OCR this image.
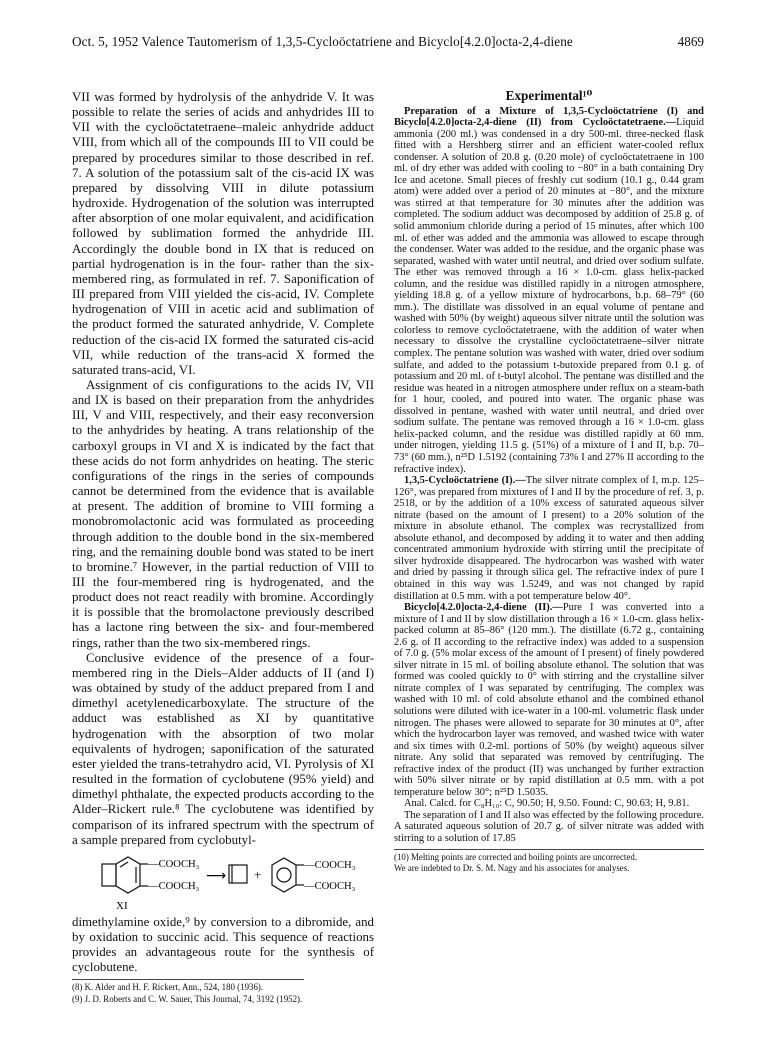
Oct. 5, 1952 Valence Tautomerism of 1,3,5-Cycloöctatriene and Bicyclo[4.2.0]octa-2,4-diene	4869

VII was formed by hydrolysis of the anhydride V. It was possible to relate the series of acids and anhydrides III to VII with the cycloöctatetraene–maleic anhydride adduct VIII, from which all of the compounds III to VII could be prepared by procedures similar to those described in ref. 7. A solution of the potassium salt of the cis-acid IX was prepared by dissolving VIII in dilute potassium hydroxide. Hydrogenation of the solution was interrupted after absorption of one molar equivalent, and acidification followed by sublimation formed the anhydride III. Accordingly the double bond in IX that is reduced on partial hydrogenation is in the four- rather than the six-membered ring, as formulated in ref. 7. Saponification of III prepared from VIII yielded the cis-acid, IV. Complete hydrogenation of VIII in acetic acid and sublimation of the product formed the saturated anhydride, V. Complete reduction of the cis-acid IX formed the saturated cis-acid VII, while reduction of the trans-acid X formed the saturated trans-acid, VI.

Assignment of cis configurations to the acids IV, VII and IX is based on their preparation from the anhydrides III, V and VIII, respectively, and their easy reconversion to the anhydrides by heating. A trans relationship of the carboxyl groups in VI and X is indicated by the fact that these acids do not form anhydrides on heating. The steric configurations of the rings in the series of compounds cannot be determined from the evidence that is available at present. The addition of bromine to VIII forming a monobromolactonic acid was formulated as proceeding through addition to the double bond in the six-membered ring, and the remaining double bond was stated to be inert to bromine.⁷ However, in the partial reduction of VIII to III the four-membered ring is hydrogenated, and the product does not react readily with bromine. Accordingly it is possible that the bromolactone previously described has a lactone ring between the six- and four-membered rings, rather than the two six-membered rings.

Conclusive evidence of the presence of a four-membered ring in the Diels–Alder adducts of II (and I) was obtained by study of the adduct prepared from I and dimethyl acetylenedicarboxylate. The structure of the adduct was established as XI by quantitative hydrogenation with the absorption of two molar equivalents of hydrogen; saponification of the saturated ester yielded the trans-tetrahydro acid, VI. Pyrolysis of XI resulted in the formation of cyclobutene (95% yield) and dimethyl phthalate, the expected products according to the Alder–Rickert rule.⁸ The cyclobutene was identified by comparison of its infrared spectrum with the spectrum of a sample prepared from cyclobutyl-

—COOCH₃
—COOCH₃
⟶ +
—COOCH₃
—COOCH₃
XI

dimethylamine oxide,⁹ by conversion to a dibromide, and by oxidation to succinic acid. This sequence of reactions provides an advantageous route for the synthesis of cyclobutene.

(8) K. Alder and H. F. Rickert, Ann., 524, 180 (1936).
(9) J. D. Roberts and C. W. Sauer, This Journal, 74, 3192 (1952).
Experimental¹⁰

Preparation of a Mixture of 1,3,5-Cycloöctatriene (I) and Bicyclo[4.2.0]octa-2,4-diene (II) from Cycloöctatetraene.—Liquid ammonia (200 ml.) was condensed in a dry 500-ml. three-necked flask fitted with a Hershberg stirrer and an efficient water-cooled reflux condenser. A solution of 20.8 g. (0.20 mole) of cycloöctatetraene in 100 ml. of dry ether was added with cooling to −80° in a bath containing Dry Ice and acetone. Small pieces of freshly cut sodium (10.1 g., 0.44 gram atom) were added over a period of 20 minutes at −80°, and the mixture was stirred at that temperature for 30 minutes after the addition was completed. The sodium adduct was decomposed by addition of 25.8 g. of solid ammonium chloride during a period of 15 minutes, after which 100 ml. of ether was added and the ammonia was allowed to escape through the condenser. Water was added to the residue, and the organic phase was separated, washed with water until neutral, and dried over sodium sulfate. The ether was removed through a 16 × 1.0-cm. glass helix-packed column, and the residue was distilled rapidly in a nitrogen atmosphere, yielding 18.8 g. of a yellow mixture of hydrocarbons, b.p. 68–79° (60 mm.). The distillate was dissolved in an equal volume of pentane and washed with 50% (by weight) aqueous silver nitrate until the solution was colorless to remove cycloöctatetraene, with the addition of water when necessary to dissolve the crystalline cycloöctatetraene–silver nitrate complex. The pentane solution was washed with water, dried over sodium sulfate, and added to the potassium t-butoxide prepared from 0.1 g. of potassium and 20 ml. of t-butyl alcohol. The pentane was distilled and the residue was heated in a nitrogen atmosphere under reflux on a steam-bath for 1 hour, cooled, and poured into water. The organic phase was dissolved in pentane, washed with water until neutral, and dried over sodium sulfate. The pentane was removed through a 16 × 1.0-cm. glass helix-packed column, and the residue was distilled rapidly at 60 mm. under nitrogen, yielding 11.5 g. (51%) of a mixture of I and II, b.p. 70–73° (60 mm.), n²⁵D 1.5192 (containing 73% I and 27% II according to the refractive index).

1,3,5-Cycloöctatriene (I).—The silver nitrate complex of I, m.p. 125–126°, was prepared from mixtures of I and II by the procedure of ref. 3, p. 2518, or by the addition of a 10% excess of saturated aqueous silver nitrate (based on the amount of I present) to a 20% solution of the mixture in absolute ethanol. The complex was recrystallized from absolute ethanol, and decomposed by adding it to water and then adding concentrated ammonium hydroxide with stirring until the precipitate of silver hydroxide disappeared. The hydrocarbon was washed with water and dried by passing it through silica gel. The refractive index of pure I obtained in this way was 1.5249, and was not changed by rapid distillation at 0.5 mm. with a pot temperature below 40°.

Bicyclo[4.2.0]octa-2,4-diene (II).—Pure I was converted into a mixture of I and II by slow distillation through a 16 × 1.0-cm. glass helix-packed column at 85–86° (120 mm.). The distillate (6.72 g., containing 2.6 g. of II according to the refractive index) was added to a suspension of 7.0 g. (5% molar excess of the amount of I present) of finely powdered silver nitrate in 15 ml. of boiling absolute ethanol. The solution that was formed was cooled quickly to 0° with stirring and the crystalline silver nitrate complex of I was separated by centrifuging. The complex was washed with 10 ml. of cold absolute ethanol and the combined ethanol solutions were diluted with ice-water in a 100-ml. volumetric flask under nitrogen. The phases were allowed to separate for 30 minutes at 0°, after which the hydrocarbon layer was removed, and washed twice with water and six times with 0.2-ml. portions of 50% (by weight) aqueous silver nitrate. Any solid that separated was removed by centrifuging. The refractive index of the product (II) was unchanged by further extraction with 50% silver nitrate or by rapid distillation at 0.5 mm. with a pot temperature below 30°; n²⁵D 1.5035.

Anal. Calcd. for C₈H₁₀: C, 90.50; H, 9.50. Found: C, 90.63; H, 9.81.

The separation of I and II also was effected by the following procedure. A saturated aqueous solution of 20.7 g. of silver nitrate was added with stirring to a solution of 17.85

(10) Melting points are corrected and boiling points are uncorrected.
We are indebted to Dr. S. M. Nagy and his associates for analyses.
